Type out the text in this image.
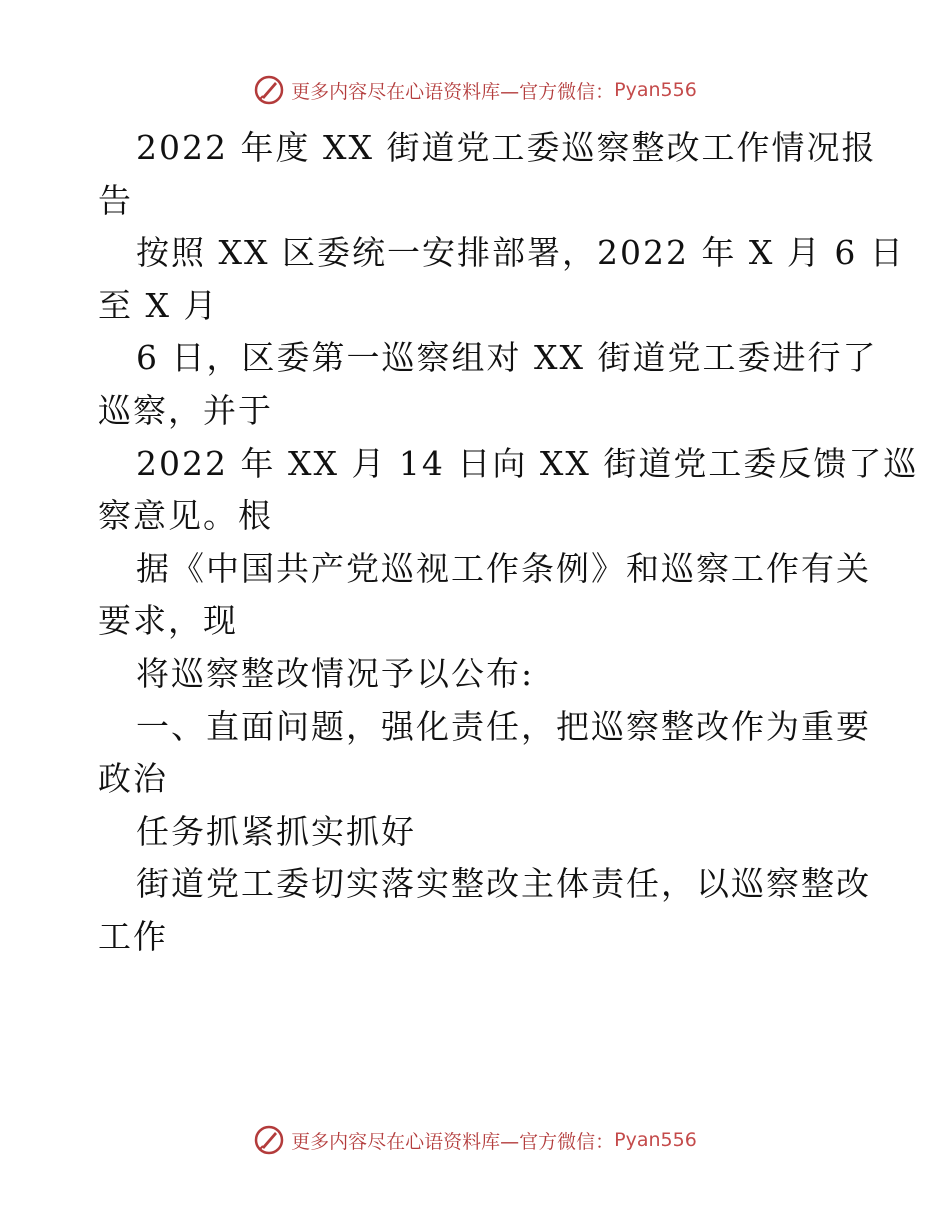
更多内容尽在心语资料库—官方微信： Pyan556

2022 年度 XX 街道党工委巡察整改工作情况报

告

按照 XX 区委统一安排部署，2022 年 X 月 6 日

至 X 月

6 日，区委第一巡察组对 XX 街道党工委进行了

巡察，并于

2022 年 XX 月 14 日向 XX 街道党工委反馈了巡

察意见。根

据《中国共产党巡视工作条例》和巡察工作有关

要求，现

将巡察整改情况予以公布:

一、直面问题，强化责任，把巡察整改作为重要

政治

任务抓紧抓实抓好

街道党工委切实落实整改主体责任，以巡察整改

工作

更多内容尽在心语资料库—官方微信： Pyan556
